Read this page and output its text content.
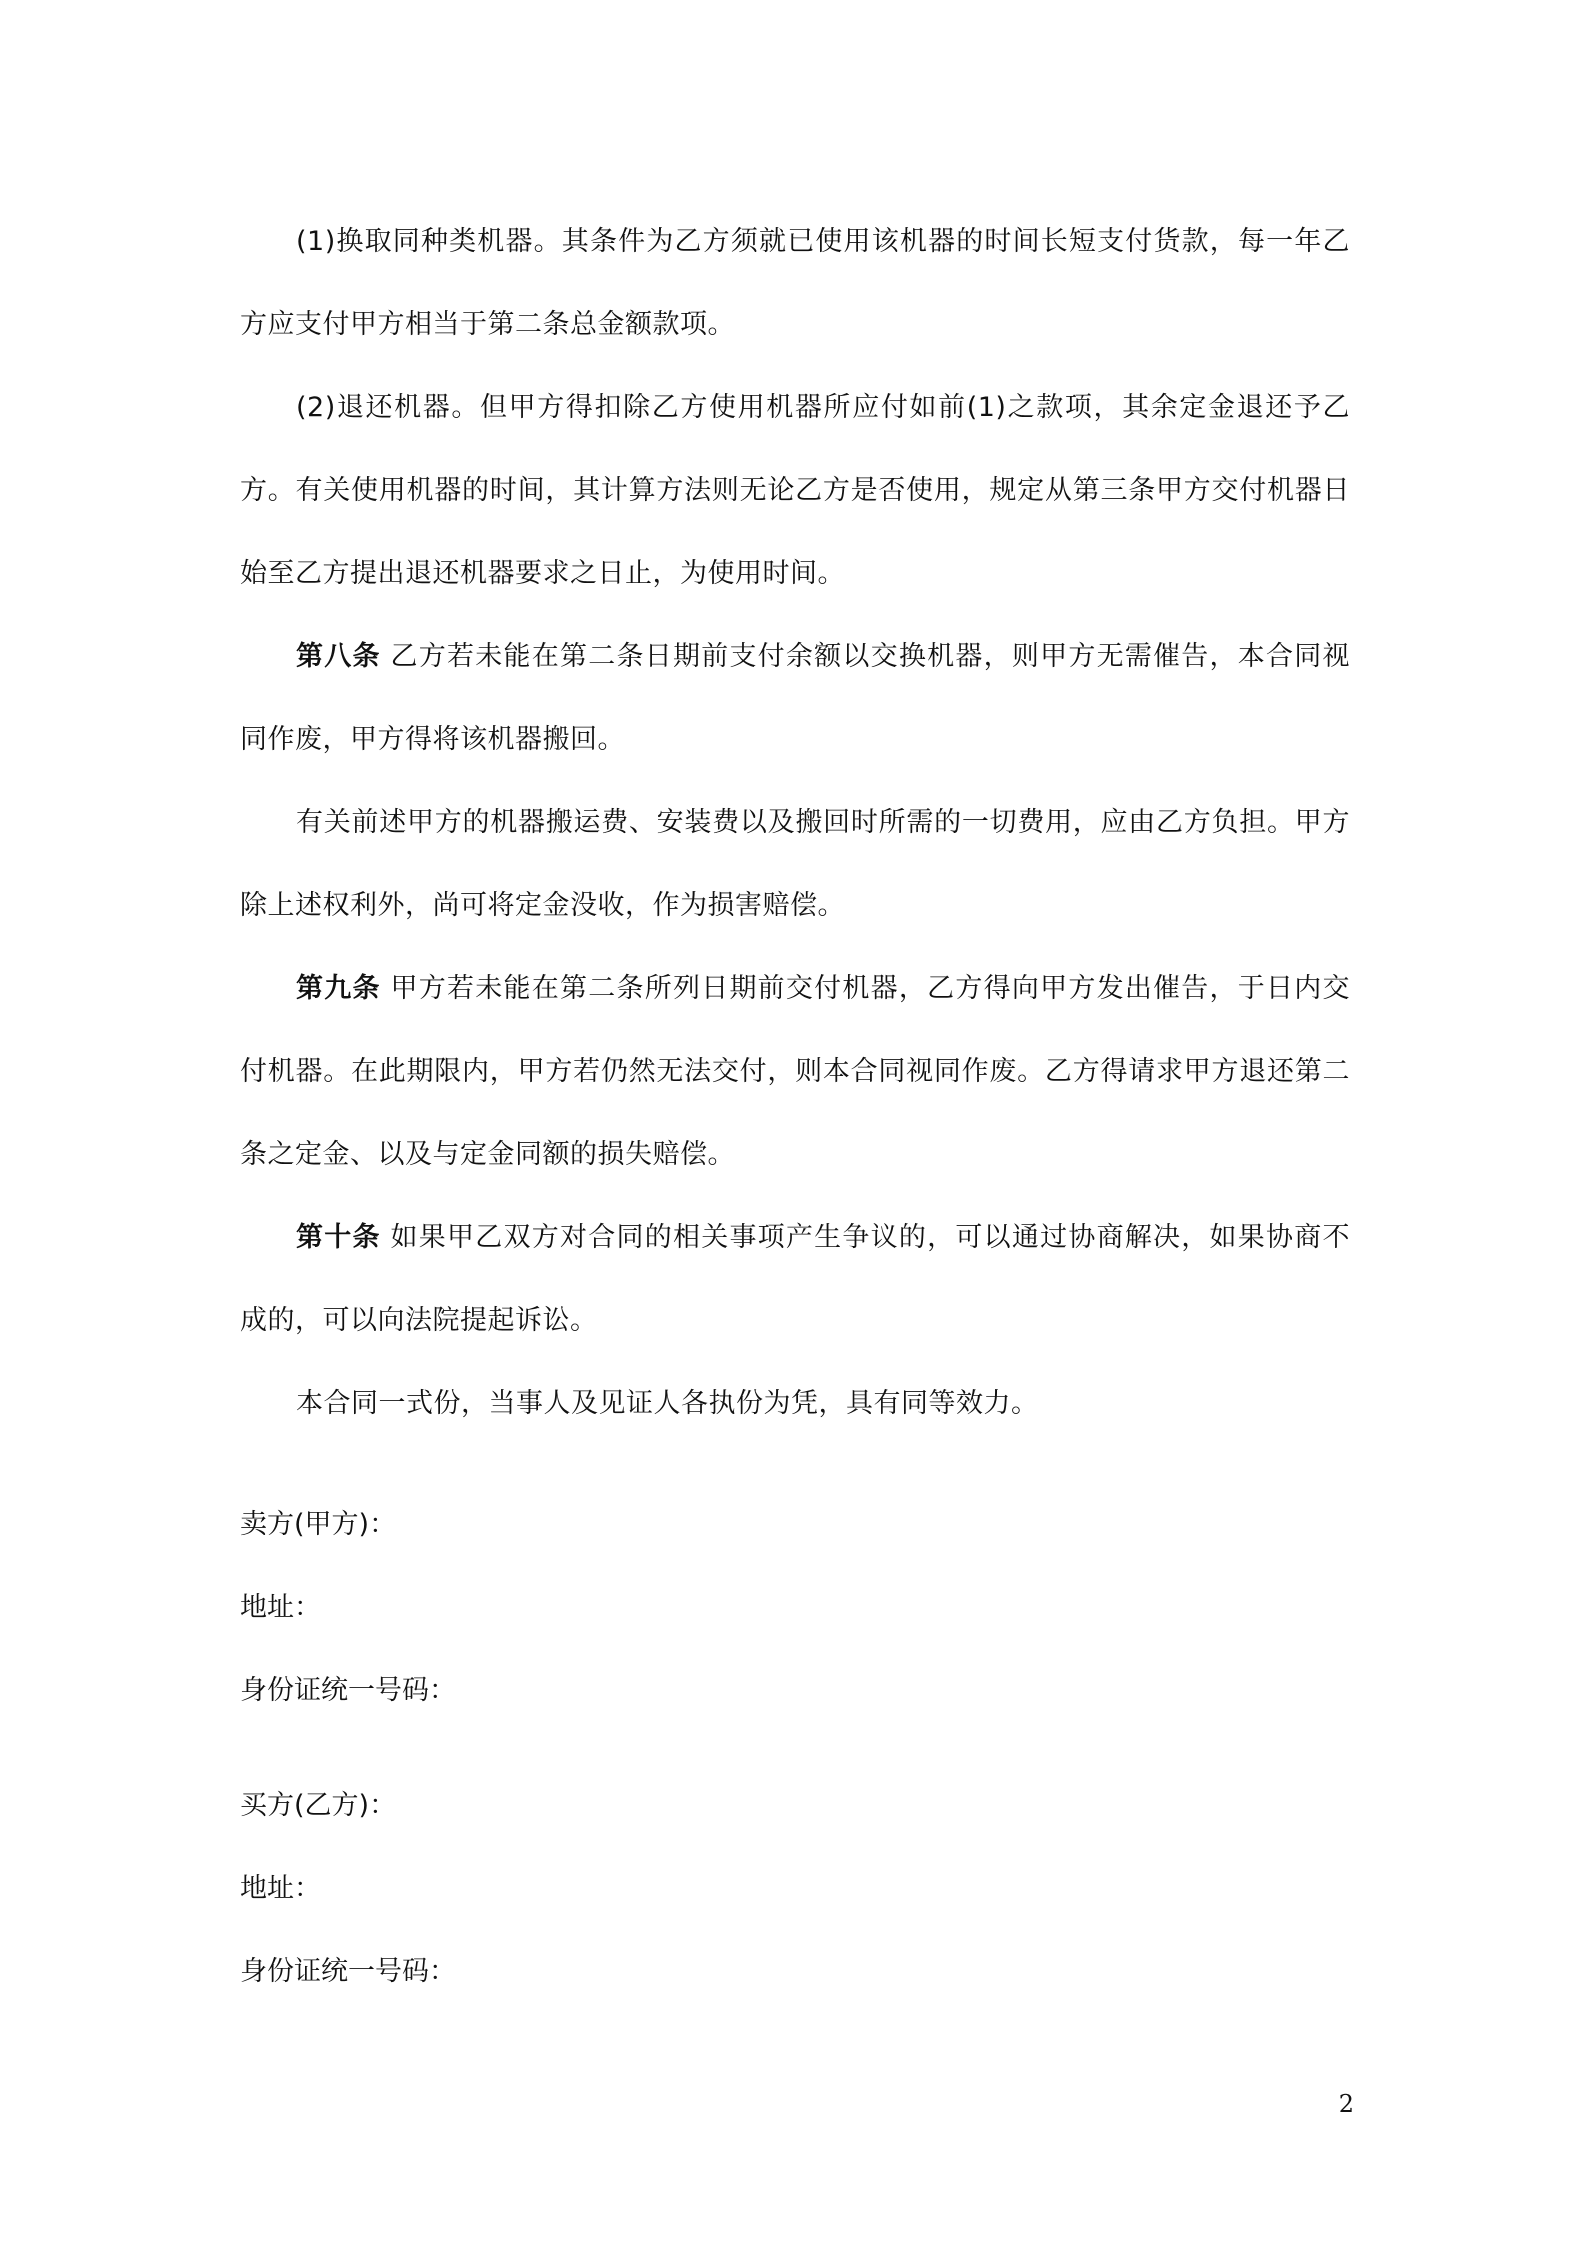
(1)换取同种类机器。其条件为乙方须就已使用该机器的时间长短支付货款，每一年乙方应支付甲方相当于第二条总金额款项。

(2)退还机器。但甲方得扣除乙方使用机器所应付如前(1)之款项，其余定金退还予乙方。有关使用机器的时间，其计算方法则无论乙方是否使用，规定从第三条甲方交付机器日始至乙方提出退还机器要求之日止，为使用时间。

第八条 乙方若未能在第二条日期前支付余额以交换机器，则甲方无需催告，本合同视同作废，甲方得将该机器搬回。

有关前述甲方的机器搬运费、安装费以及搬回时所需的一切费用，应由乙方负担。甲方除上述权利外，尚可将定金没收，作为损害赔偿。

第九条 甲方若未能在第二条所列日期前交付机器，乙方得向甲方发出催告，于日内交付机器。在此期限内，甲方若仍然无法交付，则本合同视同作废。乙方得请求甲方退还第二条之定金、以及与定金同额的损失赔偿。

第十条 如果甲乙双方对合同的相关事项产生争议的，可以通过协商解决，如果协商不成的，可以向法院提起诉讼。

本合同一式份，当事人及见证人各执份为凭，具有同等效力。

卖方(甲方)：

地址：

身份证统一号码：

买方(乙方)：

地址：

身份证统一号码：

2
